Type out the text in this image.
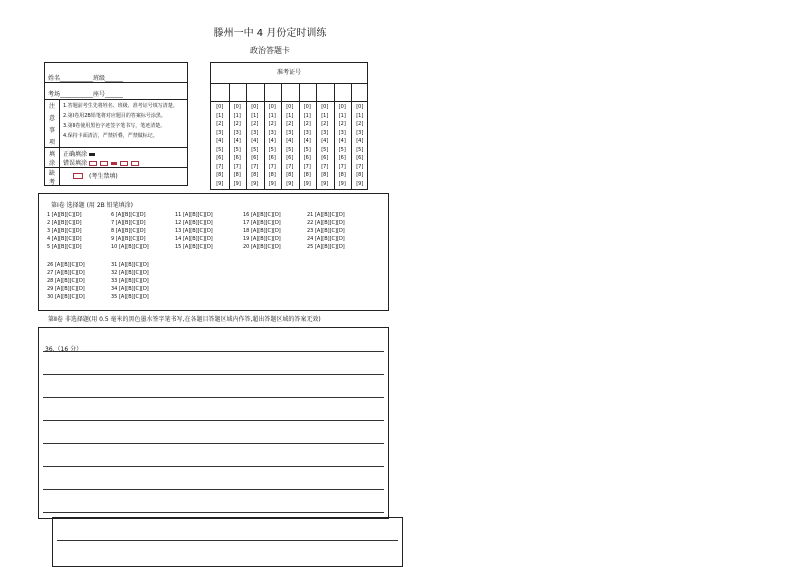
滕州一中 4 月份定时训练
政治答题卡
姓名___________班级______
考场___________座号______
注
意
事
项
1.答题前考生先将姓名、班级、准考证号填写清楚。
2.第Ⅰ卷用2B铅笔将对应题目的答案标号涂黑。
3.第Ⅱ卷使用黑色字迹签字笔书写，笔迹清楚。
4.保持卡面清洁，严禁折叠，严禁做标记。
填
涂
正确填涂
错误填涂
缺
考
(考生禁填)
准考证号
[0]
[1]
[2]
[3]
[4]
[5]
[6]
[7]
[8]
[9]
[0]
[1]
[2]
[3]
[4]
[5]
[6]
[7]
[8]
[9]
[0]
[1]
[2]
[3]
[4]
[5]
[6]
[7]
[8]
[9]
[0]
[1]
[2]
[3]
[4]
[5]
[6]
[7]
[8]
[9]
[0]
[1]
[2]
[3]
[4]
[5]
[6]
[7]
[8]
[9]
[0]
[1]
[2]
[3]
[4]
[5]
[6]
[7]
[8]
[9]
[0]
[1]
[2]
[3]
[4]
[5]
[6]
[7]
[8]
[9]
[0]
[1]
[2]
[3]
[4]
[5]
[6]
[7]
[8]
[9]
[0]
[1]
[2]
[3]
[4]
[5]
[6]
[7]
[8]
[9]
第Ⅰ卷 选择题 (用 2B 铅笔填涂)
1 [A][B][C][D]
2 [A][B][C][D]
3 [A][B][C][D]
4 [A][B][C][D]
5 [A][B][C][D]
6 [A][B][C][D]
7 [A][B][C][D]
8 [A][B][C][D]
9 [A][B][C][D]
10 [A][B][C][D]
11 [A][B][C][D]
12 [A][B][C][D]
13 [A][B][C][D]
14 [A][B][C][D]
15 [A][B][C][D]
16 [A][B][C][D]
17 [A][B][C][D]
18 [A][B][C][D]
19 [A][B][C][D]
20 [A][B][C][D]
21 [A][B][C][D]
22 [A][B][C][D]
23 [A][B][C][D]
24 [A][B][C][D]
25 [A][B][C][D]
26 [A][B][C][D]
27 [A][B][C][D]
28 [A][B][C][D]
29 [A][B][C][D]
30 [A][B][C][D]
31 [A][B][C][D]
32 [A][B][C][D]
33 [A][B][C][D]
34 [A][B][C][D]
35 [A][B][C][D]
第Ⅱ卷 非选择题(用 0.5 毫米的黑色墨水签字笔书写,在各题目答题区域内作答,超出答题区域的答案无效)
36.（16 分）
